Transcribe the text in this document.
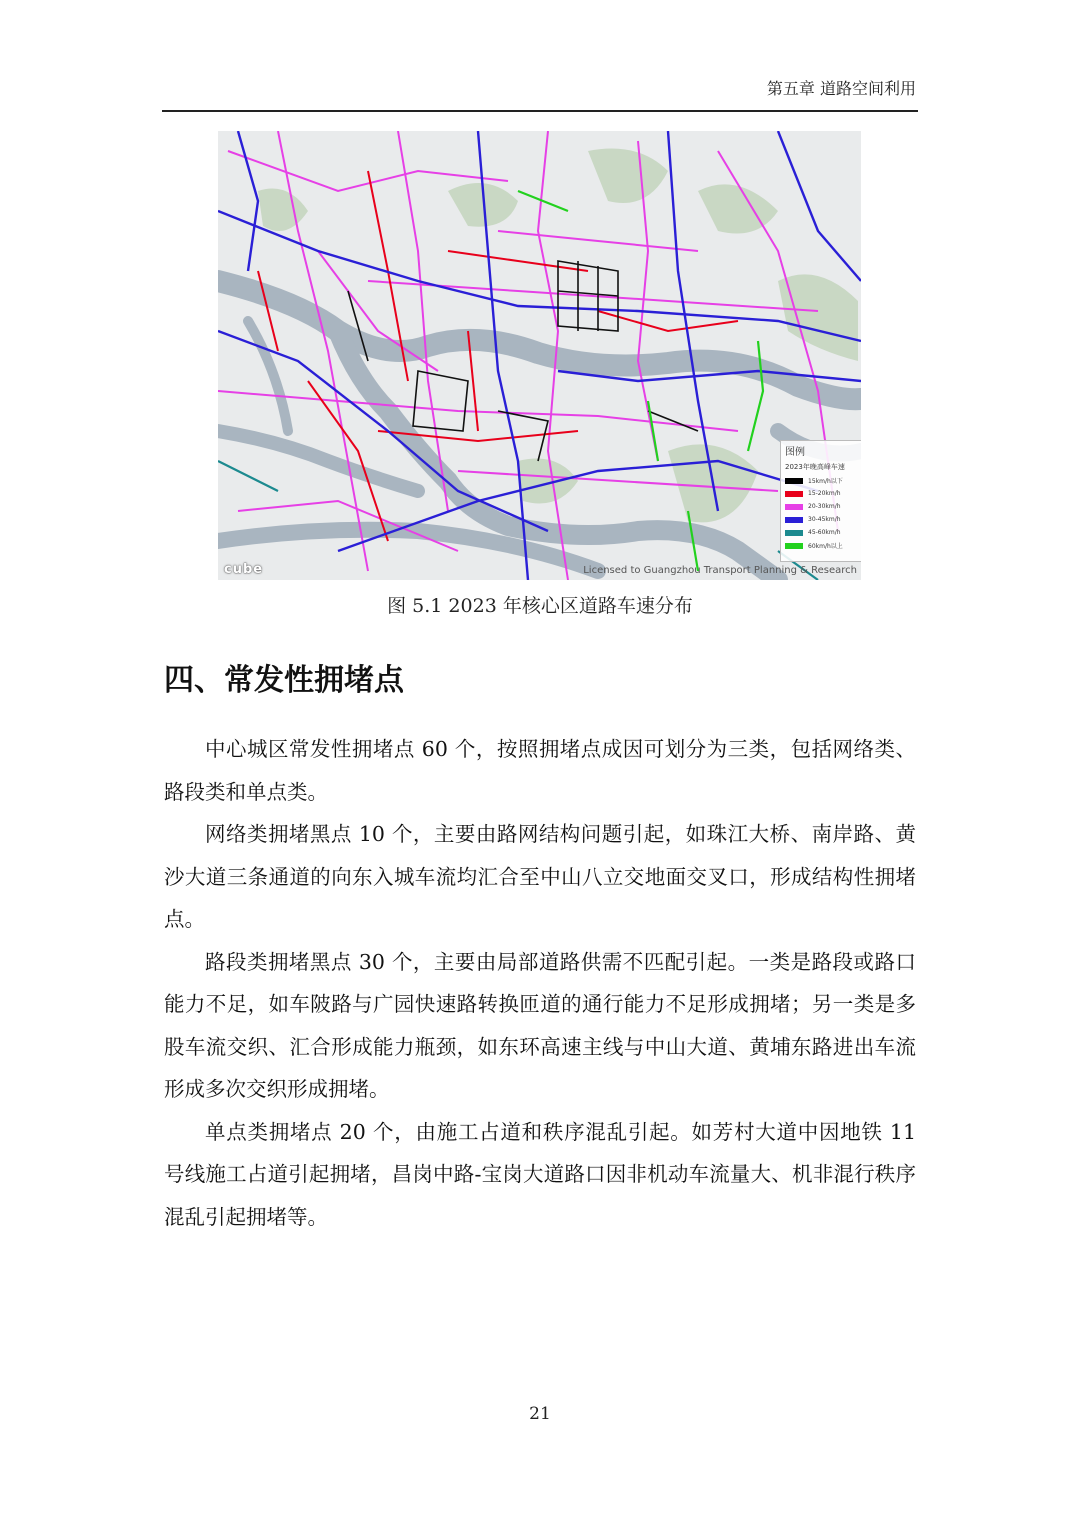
第五章 道路空间利用
图例
2023年晚高峰车速
15km/h以下
15-20km/h
20-30km/h
30-45km/h
45-60km/h
60km/h以上
cube	Licensed to Guangzhou Transport Planning & Research
图 5.1 2023 年核心区道路车速分布
四、常发性拥堵点

中心城区常发性拥堵点 60 个，按照拥堵点成因可划分为三类，包括网络类、路段类和单点类。

网络类拥堵黑点 10 个，主要由路网结构问题引起，如珠江大桥、南岸路、黄沙大道三条通道的向东入城车流均汇合至中山八立交地面交叉口，形成结构性拥堵点。

路段类拥堵黑点 30 个，主要由局部道路供需不匹配引起。一类是路段或路口能力不足，如车陂路与广园快速路转换匝道的通行能力不足形成拥堵；另一类是多股车流交织、汇合形成能力瓶颈，如东环高速主线与中山大道、黄埔东路进出车流形成多次交织形成拥堵。

单点类拥堵点 20 个，由施工占道和秩序混乱引起。如芳村大道中因地铁 11 号线施工占道引起拥堵，昌岗中路-宝岗大道路口因非机动车流量大、机非混行秩序混乱引起拥堵等。

21
